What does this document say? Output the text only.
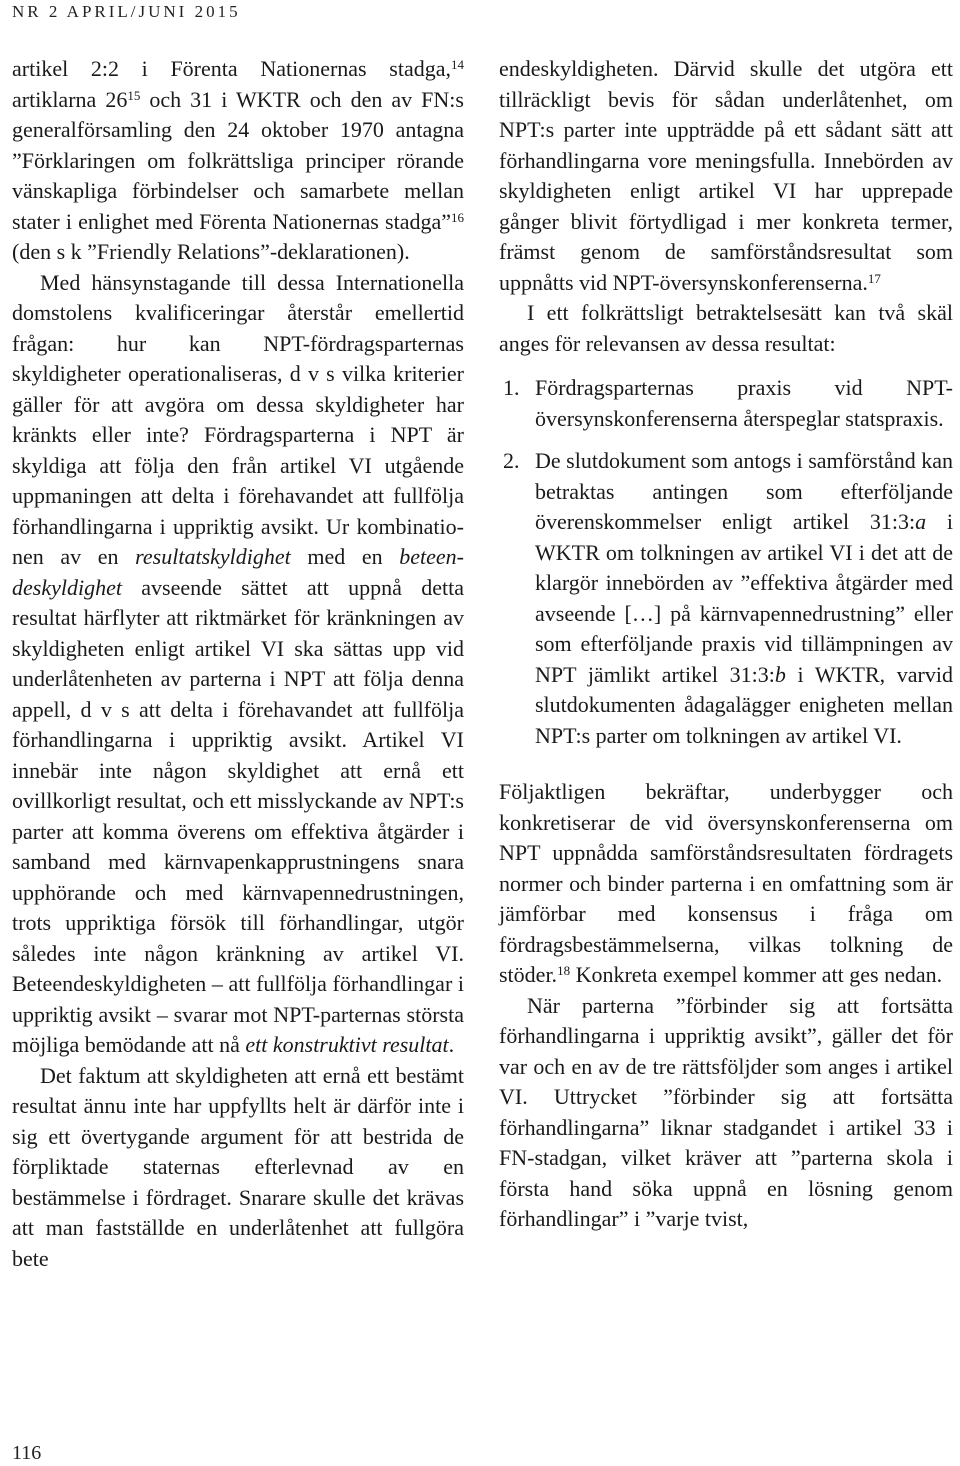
NR 2 APRIL/JUNI 2015

artikel 2:2 i Förenta Nationernas stadga,$^{14}$ artiklarna $26^{15}$ och 31 i WKTR och den av FN:s generalförsamling den 24 oktober 1970 antagna ”Förklaringen om folkrättsliga principer rörande vänskapliga förbindelser och samarbete mellan stater i enlighet med Förenta Nationernas stadga”$^{16}$ (den s k ”Friendly Relations”-deklarationen).

Med hänsynstagande till dessa Internationella domstolens kvalificeringar återstår emellertid frågan: hur kan NPT-fördragsparternas skyldigheter operationaliseras, d v s vilka kriterier gäller för att avgöra om dessa skyldigheter har kränkts eller inte? Fördragsparterna i NPT är skyldiga att följa den från artikel VI utgående uppmaningen att delta i förehavandet att fullfölja förhandlingarna i uppriktig avsikt. Ur kombinationen av en resultatskyldighet med en beteendeskyldighet avseende sättet att uppnå detta resultat härflyter att riktmärket för kränkningen av skyldigheten enligt artikel VI ska sättas upp vid underlåtenheten av parterna i NPT att följa denna appell, d v s att delta i förehavandet att fullfölja förhandlingarna i uppriktig avsikt. Artikel VI innebär inte någon skyldighet att ernå ett ovillkorligt resultat, och ett misslyckande av NPT:s parter att komma överens om effektiva åtgärder i samband med kärnvapenkapprustningens snara upphörande och med kärnvapennedrustningen, trots uppriktiga försök till förhandlingar, utgör således inte någon kränkning av artikel VI. Beteendeskyldigheten – att fullfölja förhandlingar i uppriktig avsikt – svarar mot NPT-parternas största möjliga bemödande att nå ett konstruktivt resultat.

Det faktum att skyldigheten att ernå ett bestämt resultat ännu inte har uppfyllts helt är därför inte i sig ett övertygande argument för att bestrida de förpliktade staternas efterlevnad av en bestämmelse i fördraget. Snarare skulle det krävas att man fastställde en underlåtenhet att fullgöra bete

endeskyldigheten. Därvid skulle det utgöra ett tillräckligt bevis för sådan underlåtenhet, om NPT:s parter inte uppträdde på ett sådant sätt att förhandlingarna vore meningsfulla. Innebörden av skyldigheten enligt artikel VI har upprepade gånger blivit förtydligad i mer konkreta termer, främst genom de samförståndsresultat som uppnåtts vid NPT-översynskonferenserna.$^{17}$

I ett folkrättsligt betraktelsesätt kan två skäl anges för relevansen av dessa resultat:

1. Fördragsparternas praxis vid NPT-översynskonferenserna återspeglar statspraxis.
2. De slutdokument som antogs i samförstånd kan betraktas antingen som efterföljande överenskommelser enligt artikel 31:3:a i WKTR om tolkningen av artikel VI i det att de klargör innebörden av ”effektiva åtgärder med avseende […] på kärnvapennedrustning” eller som efterföljande praxis vid tillämpningen av NPT jämlikt artikel 31:3:b i WKTR, varvid slutdokumenten ådagalägger enigheten mellan NPT:s parter om tolkningen av artikel VI.

Följaktligen bekräftar, underbygger och konkretiserar de vid översynskonferenserna om NPT uppnådda samförståndsresultaten fördragets normer och binder parterna i en omfattning som är jämförbar med konsensus i fråga om fördragsbestämmelserna, vilkas tolkning de stöder.$^{18}$ Konkreta exempel kommer att ges nedan.

När parterna ”förbinder sig att fortsätta förhandlingarna i uppriktig avsikt”, gäller det för var och en av de tre rättsföljder som anges i artikel VI. Uttrycket ”förbinder sig att fortsätta förhandlingarna” liknar stadgandet i artikel 33 i FN-stadgan, vilket kräver att ”parterna skola i första hand söka uppnå en lösning genom förhandlingar” i ”varje tvist,

116
